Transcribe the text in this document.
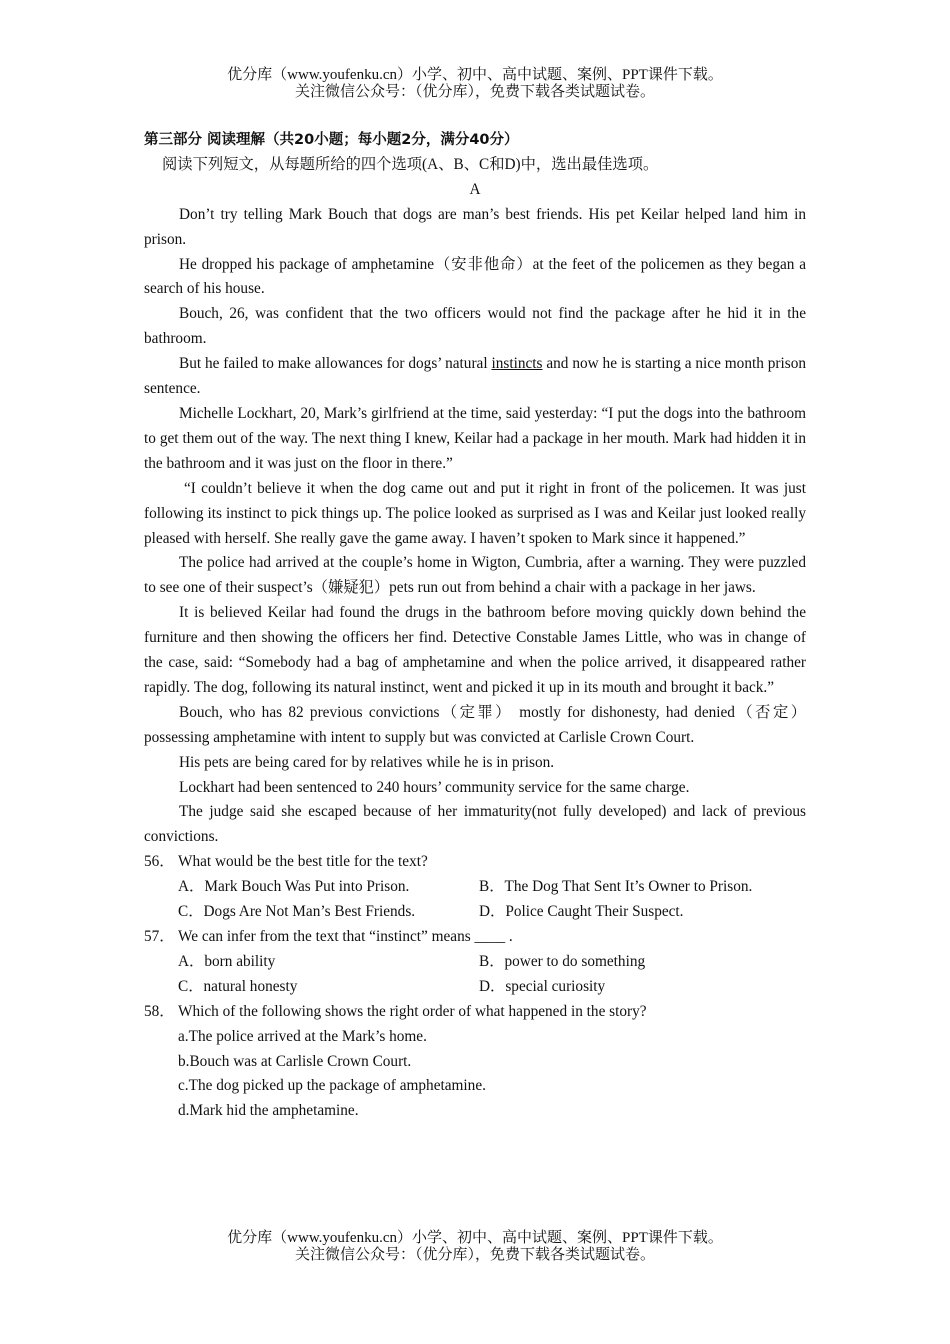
优分库（www.youfenku.cn）小学、初中、高中试题、案例、PPT课件下载。
关注微信公众号：（优分库），免费下载各类试题试卷。
第三部分 阅读理解（共20小题；每小题2分，满分40分）
阅读下列短文，从每题所给的四个选项(A、B、C和D)中，选出最佳选项。
A
Don’t try telling Mark Bouch that dogs are man’s best friends. His pet Keilar helped land him in prison.
He dropped his package of amphetamine（安非他命）at the feet of the policemen as they began a search of his house.
Bouch, 26, was confident that the two officers would not find the package after he hid it in the bathroom.
But he failed to make allowances for dogs’ natural instincts and now he is starting a nice month prison sentence.
Michelle Lockhart, 20, Mark’s girlfriend at the time, said yesterday: “I put the dogs into the bathroom to get them out of the way. The next thing I knew, Keilar had a package in her mouth. Mark had hidden it in the bathroom and it was just on the floor in there.”
“I couldn’t believe it when the dog came out and put it right in front of the policemen. It was just following its instinct to pick things up. The police looked as surprised as I was and Keilar just looked really pleased with herself. She really gave the game away. I haven’t spoken to Mark since it happened.”
The police had arrived at the couple’s home in Wigton, Cumbria, after a warning. They were puzzled to see one of their suspect’s（嫌疑犯）pets run out from behind a chair with a package in her jaws.
It is believed Keilar had found the drugs in the bathroom before moving quickly down behind the furniture and then showing the officers her find. Detective Constable James Little, who was in change of the case, said: “Somebody had a bag of amphetamine and when the police arrived, it disappeared rather rapidly. The dog, following its natural instinct, went and picked it up in its mouth and brought it back.”
Bouch, who has 82 previous convictions（定罪） mostly for dishonesty, had denied（否定）possessing amphetamine with intent to supply but was convicted at Carlisle Crown Court.
His pets are being cared for by relatives while he is in prison.
Lockhart had been sentenced to 240 hours’ community service for the same charge.
The judge said she escaped because of her immaturity(not fully developed) and lack of previous convictions.
56． What would be the best title for the text?
A．Mark Bouch Was Put into Prison.	B．The Dog That Sent It’s Owner to Prison.
C．Dogs Are Not Man’s Best Friends.	D．Police Caught Their Suspect.
57． We can infer from the text that “instinct” means ____ .
A．born ability	B．power to do something
C．natural honesty	D．special curiosity
58． Which of the following shows the right order of what happened in the story?
a.The police arrived at the Mark’s home.
b.Bouch was at Carlisle Crown Court.
c.The dog picked up the package of amphetamine.
d.Mark hid the amphetamine.
优分库（www.youfenku.cn）小学、初中、高中试题、案例、PPT课件下载。
关注微信公众号：（优分库），免费下载各类试题试卷。
